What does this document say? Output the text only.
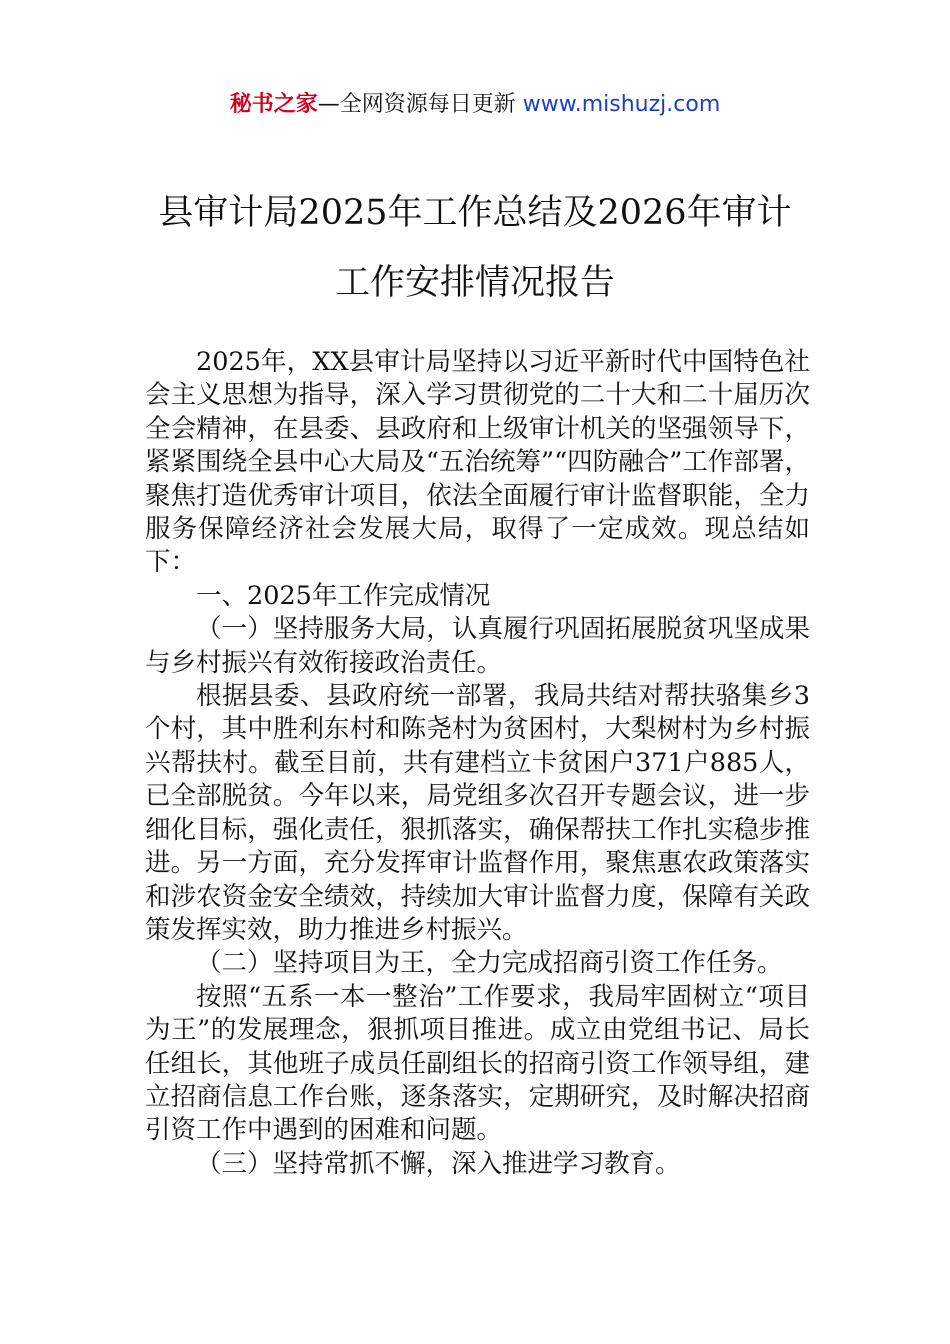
秘书之家—全网资源每日更新 www.mishuzj.com
县审计局2025年工作总结及2026年审计
工作安排情况报告

2025年，XX县审计局坚持以习近平新时代中国特色社会主义思想为指导，深入学习贯彻党的二十大和二十届历次全会精神，在县委、县政府和上级审计机关的坚强领导下，紧紧围绕全县中心大局及“五治统筹”“四防融合”工作部署，聚焦打造优秀审计项目，依法全面履行审计监督职能，全力服务保障经济社会发展大局，取得了一定成效。现总结如下：

一、2025年工作完成情况

（一）坚持服务大局，认真履行巩固拓展脱贫巩坚成果与乡村振兴有效衔接政治责任。

根据县委、县政府统一部署，我局共结对帮扶骆集乡3个村，其中胜利东村和陈尧村为贫困村，大梨树村为乡村振兴帮扶村。截至目前，共有建档立卡贫困户371户885人，已全部脱贫。今年以来，局党组多次召开专题会议，进一步细化目标，强化责任，狠抓落实，确保帮扶工作扎实稳步推进。另一方面，充分发挥审计监督作用，聚焦惠农政策落实和涉农资金安全绩效，持续加大审计监督力度，保障有关政策发挥实效，助力推进乡村振兴。

（二）坚持项目为王，全力完成招商引资工作任务。

按照“五系一本一整治”工作要求，我局牢固树立“项目为王”的发展理念，狠抓项目推进。成立由党组书记、局长任组长，其他班子成员任副组长的招商引资工作领导组，建立招商信息工作台账，逐条落实，定期研究，及时解决招商引资工作中遇到的困难和问题。

（三）坚持常抓不懈，深入推进学习教育。
